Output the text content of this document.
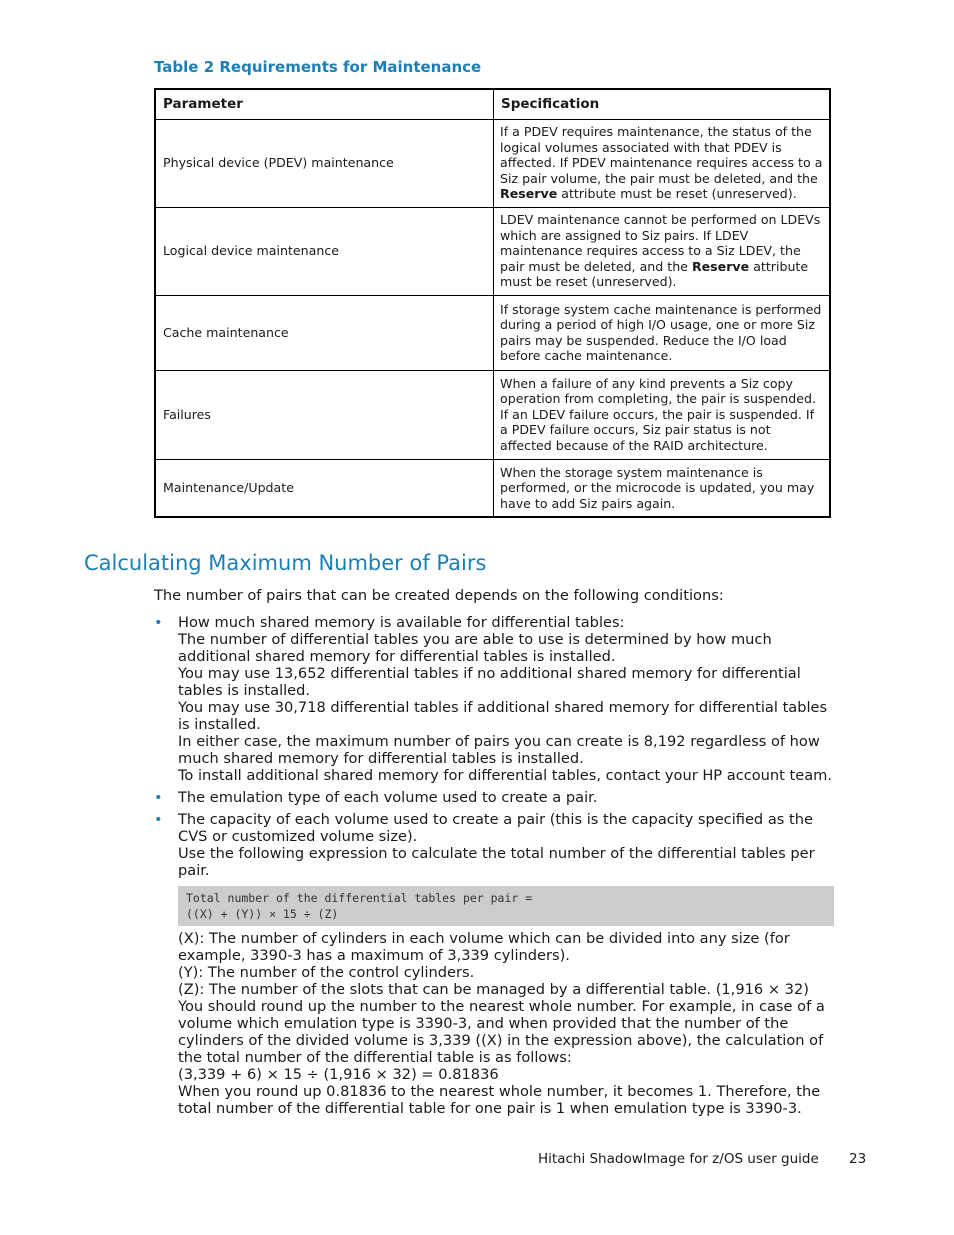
Table 2 Requirements for Maintenance
Parameter	Specification
Physical device (PDEV) maintenance	If a PDEV requires maintenance, the status of the logical volumes associated with that PDEV is affected. If PDEV maintenance requires access to a Siz pair volume, the pair must be deleted, and the Reserve attribute must be reset (unreserved).
Logical device maintenance	LDEV maintenance cannot be performed on LDEVs which are assigned to Siz pairs. If LDEV maintenance requires access to a Siz LDEV, the pair must be deleted, and the Reserve attribute must be reset (unreserved).
Cache maintenance	If storage system cache maintenance is performed during a period of high I/O usage, one or more Siz pairs may be suspended. Reduce the I/O load before cache maintenance.
Failures	When a failure of any kind prevents a Siz copy operation from completing, the pair is suspended. If an LDEV failure occurs, the pair is suspended. If a PDEV failure occurs, Siz pair status is not affected because of the RAID architecture.
Maintenance/Update	When the storage system maintenance is performed, or the microcode is updated, you may have to add Siz pairs again.
Calculating Maximum Number of Pairs

The number of pairs that can be created depends on the following conditions:

• How much shared memory is available for differential tables:
The number of differential tables you are able to use is determined by how much additional shared memory for differential tables is installed.
You may use 13,652 differential tables if no additional shared memory for differential tables is installed.
You may use 30,718 differential tables if additional shared memory for differential tables is installed.
In either case, the maximum number of pairs you can create is 8,192 regardless of how much shared memory for differential tables is installed.
To install additional shared memory for differential tables, contact your HP account team.
• The emulation type of each volume used to create a pair.
• The capacity of each volume used to create a pair (this is the capacity specified as the CVS or customized volume size).
Use the following expression to calculate the total number of the differential tables per pair.
Total number of the differential tables per pair =
((X) + (Y)) × 15 ÷ (Z)
(X): The number of cylinders in each volume which can be divided into any size (for example, 3390-3 has a maximum of 3,339 cylinders).
(Y): The number of the control cylinders.
(Z): The number of the slots that can be managed by a differential table. (1,916 × 32)
You should round up the number to the nearest whole number. For example, in case of a volume which emulation type is 3390-3, and when provided that the number of the cylinders of the divided volume is 3,339 ((X) in the expression above), the calculation of the total number of the differential table is as follows:
(3,339 + 6) × 15 ÷ (1,916 × 32) = 0.81836
When you round up 0.81836 to the nearest whole number, it becomes 1. Therefore, the total number of the differential table for one pair is 1 when emulation type is 3390-3.
Hitachi ShadowImage for z/OS user guide 23
